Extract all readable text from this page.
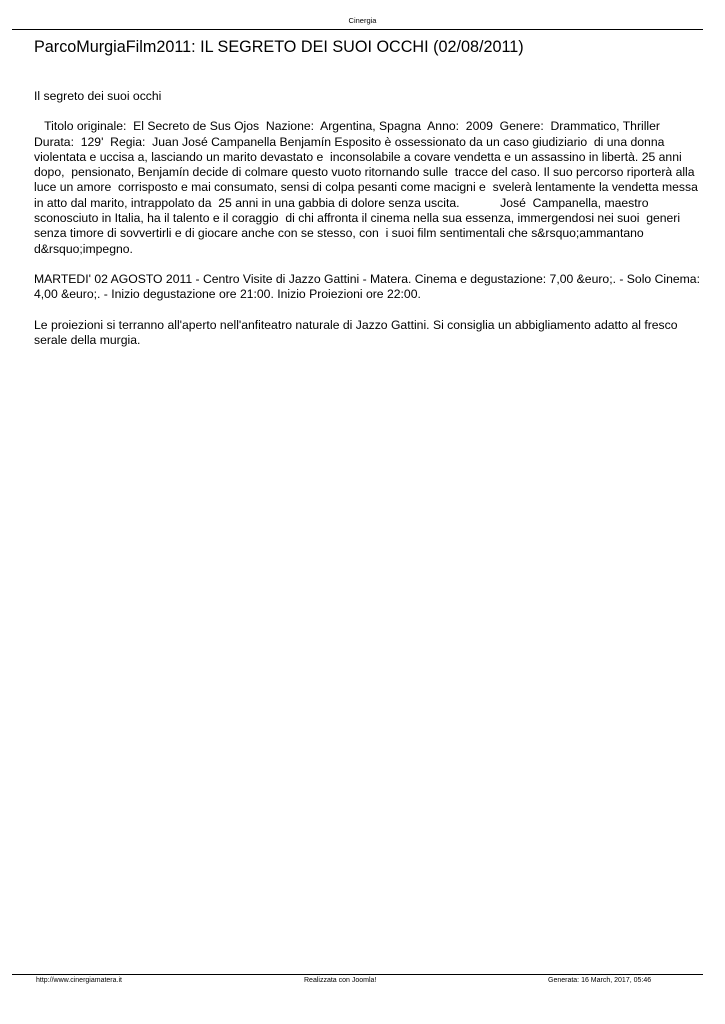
Cinergia
ParcoMurgiaFilm2011: IL SEGRETO DEI SUOI OCCHI (02/08/2011)

Il segreto dei suoi occhi

Titolo originale:  El Secreto de Sus Ojos  Nazione:  Argentina, Spagna  Anno:  2009  Genere:  Drammatico, Thriller  Durata:  129'  Regia:  Juan José Campanella Benjamín Esposito è ossessionato da un caso giudiziario  di una donna violentata e uccisa a, lasciando un marito devastato e  inconsolabile a covare vendetta e un assassino in libertà. 25 anni dopo,  pensionato, Benjamín decide di colmare questo vuoto ritornando sulle  tracce del caso. Il suo percorso riporterà alla luce un amore  corrisposto e mai consumato, sensi di colpa pesanti come macigni e  svelerà lentamente la vendetta messa in atto dal marito, intrappolato da  25 anni in una gabbia di dolore senza uscita.            José  Campanella, maestro sconosciuto in Italia, ha il talento e il coraggio  di chi affronta il cinema nella sua essenza, immergendosi nei suoi  generi senza timore di sovvertirli e di giocare anche con se stesso, con  i suoi film sentimentali che s&rsquo;ammantano d&rsquo;impegno.

MARTEDI' 02 AGOSTO 2011 - Centro Visite di Jazzo Gattini - Matera. Cinema e degustazione: 7,00 &euro;. - Solo Cinema: 4,00 &euro;. - Inizio degustazione ore 21:00. Inizio Proiezioni ore 22:00.

Le proiezioni si terranno all'aperto nell'anfiteatro naturale di Jazzo Gattini. Si consiglia un abbigliamento adatto al fresco serale della murgia.

http://www.cinergiamatera.it	Realizzata con Joomla!	Generata: 16 March, 2017, 05:46
